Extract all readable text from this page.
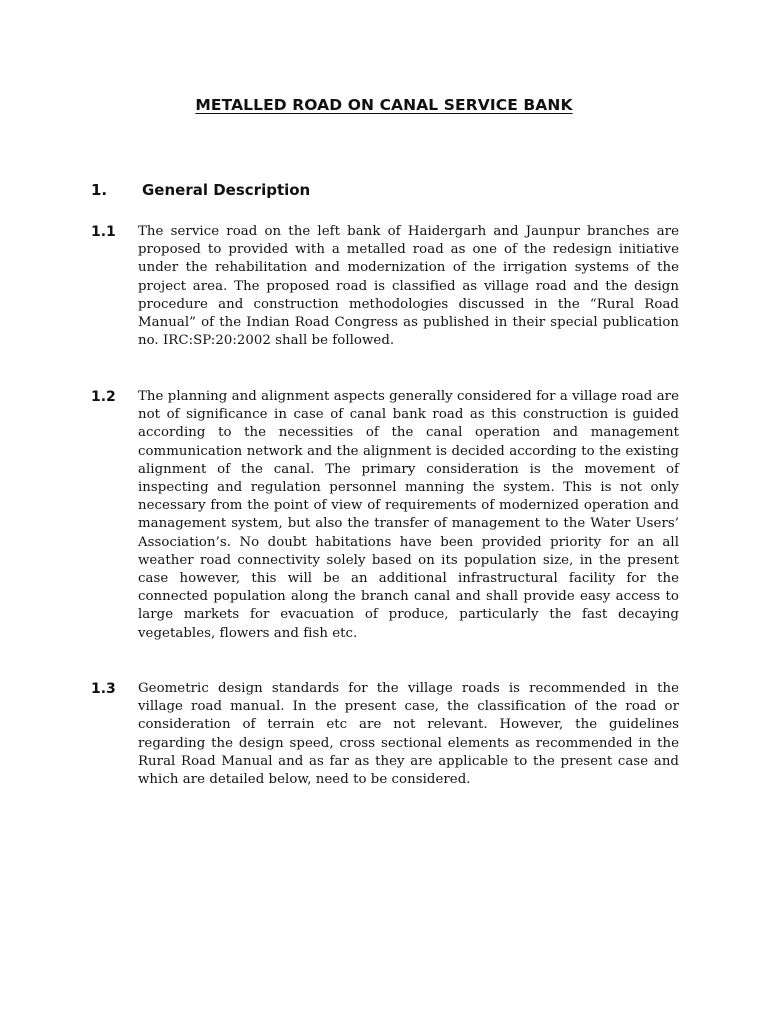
METALLED ROAD ON CANAL SERVICE BANK
1. General Description
1.1 The service road on the left bank of Haidergarh and Jaunpur branches are proposed to provided with a metalled road as one of the redesign initiative under the rehabilitation and modernization of the irrigation systems of the project area. The proposed road is classified as village road and the design procedure and construction methodologies discussed in the “Rural Road Manual” of the Indian Road Congress as published in their special publication no. IRC:SP:20:2002 shall be followed.
1.2 The planning and alignment aspects generally considered for a village road are not of significance in case of canal bank road as this construction is guided according to the necessities of the canal operation and management communication network and the alignment is decided according to the existing alignment of the canal. The primary consideration is the movement of inspecting and regulation personnel manning the system. This is not only necessary from the point of view of requirements of modernized operation and management system, but also the transfer of management to the Water Users’ Association’s. No doubt habitations have been provided priority for an all weather road connectivity solely based on its population size, in the present case however, this will be an additional infrastructural facility for the connected population along the branch canal and shall provide easy access to large markets for evacuation of produce, particularly the fast decaying vegetables, flowers and fish etc.
1.3 Geometric design standards for the village roads is recommended in the village road manual. In the present case, the classification of the road or consideration of terrain etc are not relevant. However, the guidelines regarding the design speed, cross sectional elements as recommended in the Rural Road Manual and as far as they are applicable to the present case and which are detailed below, need to be considered.
